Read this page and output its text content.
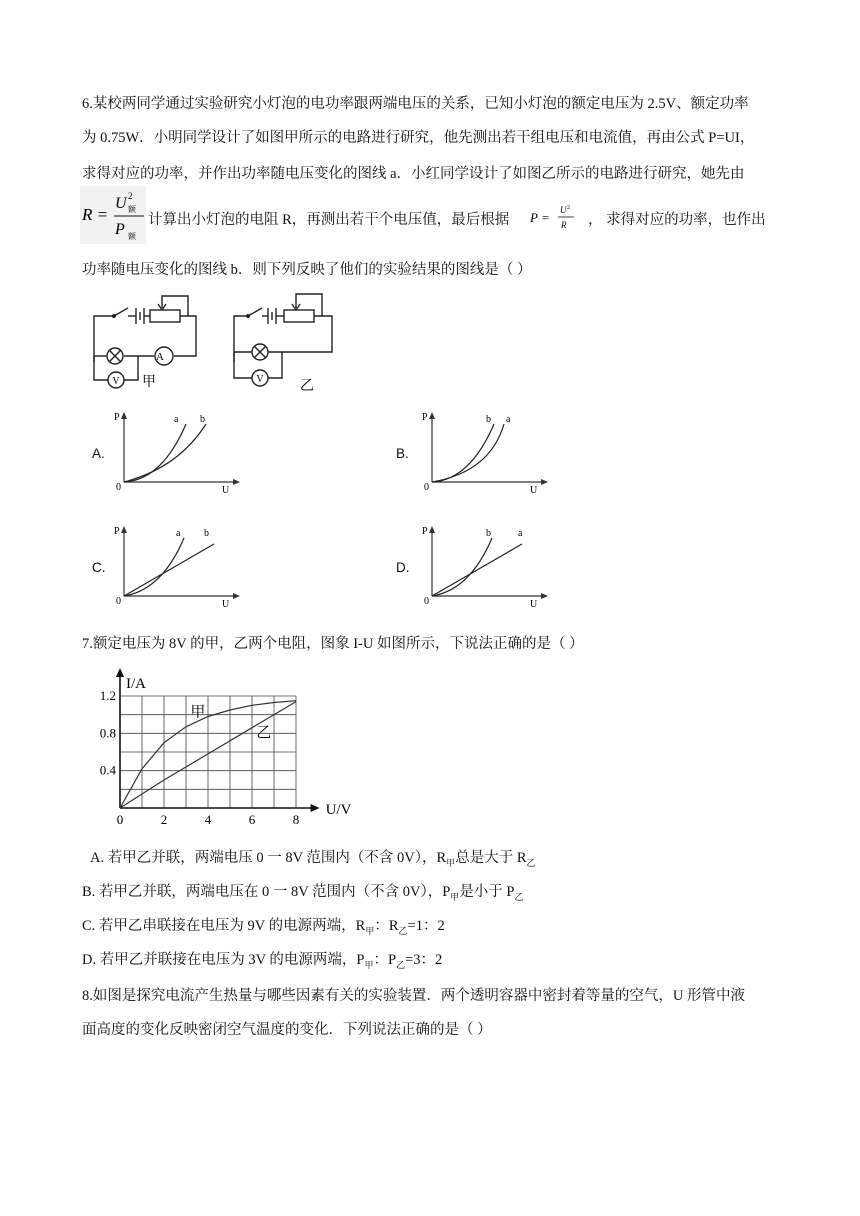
6.某校两同学通过实验研究小灯泡的电功率跟两端电压的关系，已知小灯泡的额定电压为 2.5V、额定功率
为 0.75W．小明同学设计了如图甲所示的电路进行研究，他先测出若干组电压和电流值，再由公式 P=UI，
求得对应的功率，并作出功率随电压变化的图线 a．小红同学设计了如图乙所示的电路进行研究，她先由
R =
U 2
额
P 额
计算出小灯泡的电阻 R，再测出若干个电压值，最后根据	P = U 2
R ， 求得对应的功率，也作出
功率随电压变化的图线 b．则下列反映了他们的实验结果的图线是（ ）
A
V 甲	V	乙
A.
P
U
0
a b
B.
P
U
0
b a
C.
P
U
0
a b
D.
P
U
0
b	a
7.额定电压为 8V 的甲，乙两个电阻，图象 I-U 如图所示，下说法正确的是（ ）
I/A
U/V
0	2	4	6	8
0.4
0.8
1.2
甲
乙
A. 若甲乙并联，两端电压 0 一 8V 范围内（不含 0V），$R_甲$总是大于 $R_乙$
B. 若甲乙并联，两端电压在 0 一 8V 范围内（不含 0V），$P_甲$是小于 $P_乙$
C. 若甲乙串联接在电压为 9V 的电源两端，$R_甲$：$R_乙=1$：2
D. 若甲乙并联接在电压为 3V 的电源两端，$P_甲$：$P_乙=3$：2
8.如图是探究电流产生热量与哪些因素有关的实验装置．两个透明容器中密封着等量的空气，U 形管中液
面高度的变化反映密闭空气温度的变化．下列说法正确的是（ ）
